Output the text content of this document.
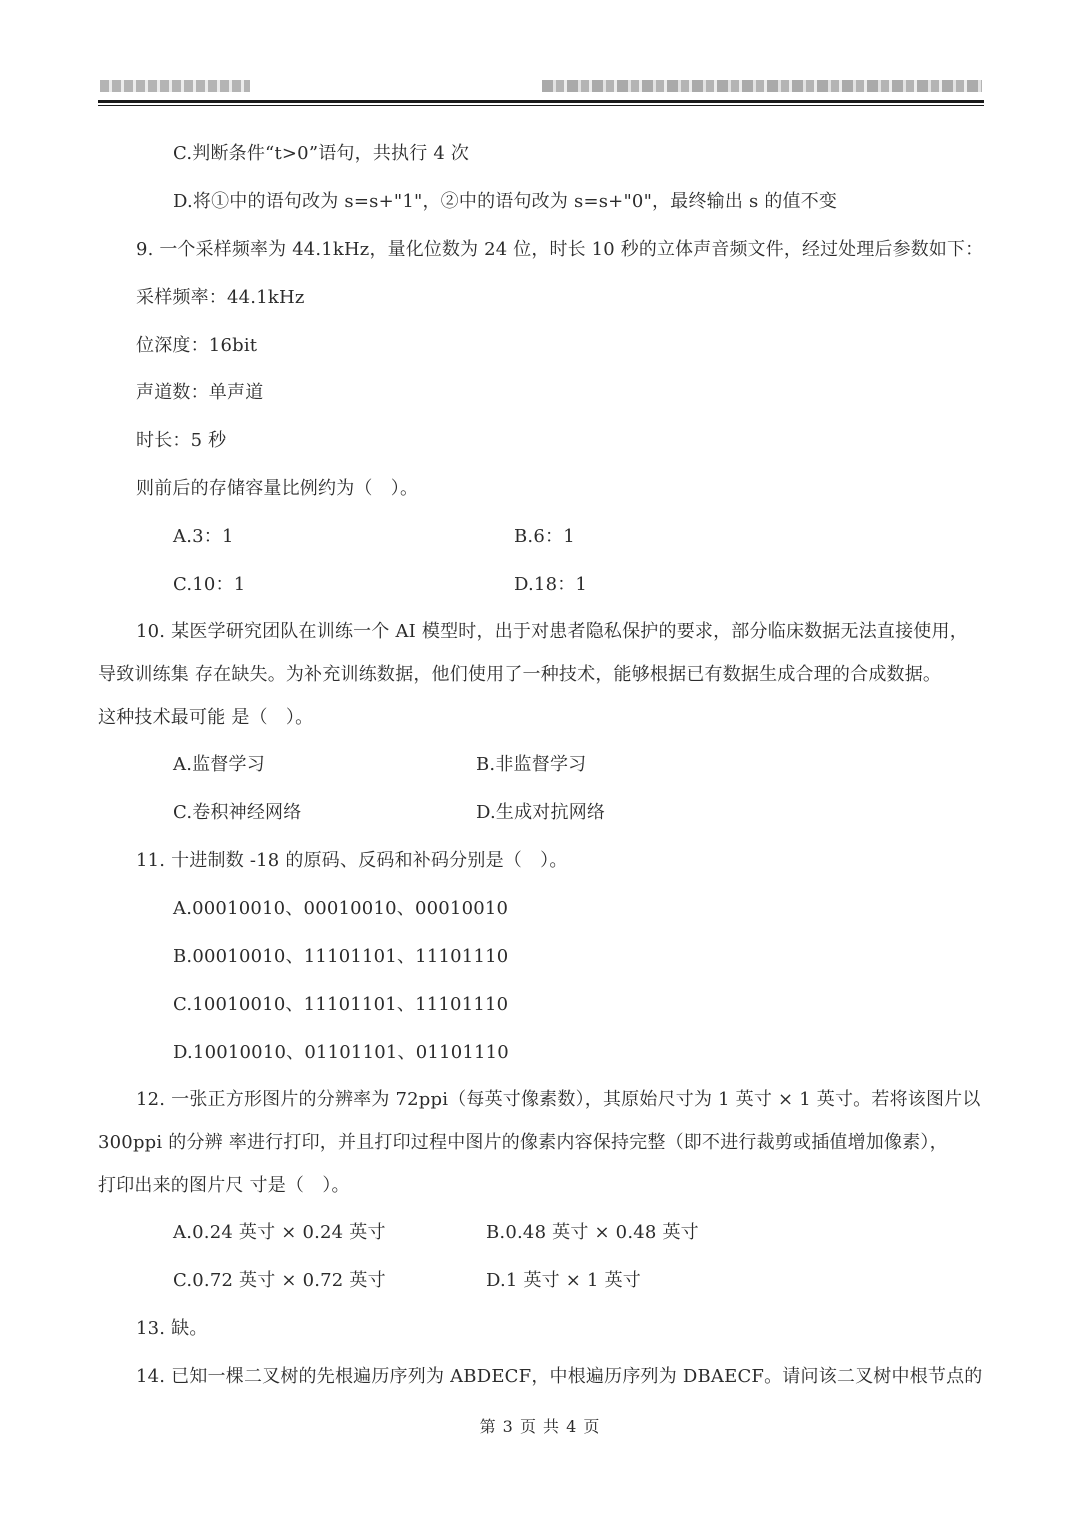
C.判断条件“t>0”语句，共执行 4 次
D.将①中的语句改为 s=s+"1"，②中的语句改为 s=s+"0"，最终输出 s 的值不变
9. 一个采样频率为 44.1kHz，量化位数为 24 位，时长 10 秒的立体声音频文件，经过处理后参数如下：
采样频率：44.1kHz
位深度：16bit
声道数：单声道
时长：5 秒
则前后的存储容量比例约为（　）。
A.3：1	B.6：1
C.10：1	D.18：1
10. 某医学研究团队在训练一个 AI 模型时，出于对患者隐私保护的要求，部分临床数据无法直接使用，
导致训练集 存在缺失。为补充训练数据，他们使用了一种技术，能够根据已有数据生成合理的合成数据。
这种技术最可能 是（　）。
A.监督学习	B.非监督学习
C.卷积神经网络	D.生成对抗网络
11. 十进制数 -18 的原码、反码和补码分别是（　）。
A.00010010、00010010、00010010
B.00010010、11101101、11101110
C.10010010、11101101、11101110
D.10010010、01101101、01101110
12. 一张正方形图片的分辨率为 72ppi（每英寸像素数），其原始尺寸为 1 英寸 × 1 英寸。若将该图片以
300ppi 的分辨 率进行打印，并且打印过程中图片的像素内容保持完整（即不进行裁剪或插值增加像素），
打印出来的图片尺 寸是（　）。
A.0.24 英寸 × 0.24 英寸	B.0.48 英寸 × 0.48 英寸
C.0.72 英寸 × 0.72 英寸	D.1 英寸 × 1 英寸
13. 缺。
14. 已知一棵二叉树的先根遍历序列为 ABDECF，中根遍历序列为 DBAECF。请问该二叉树中根节点的
第 3 页 共 4 页
